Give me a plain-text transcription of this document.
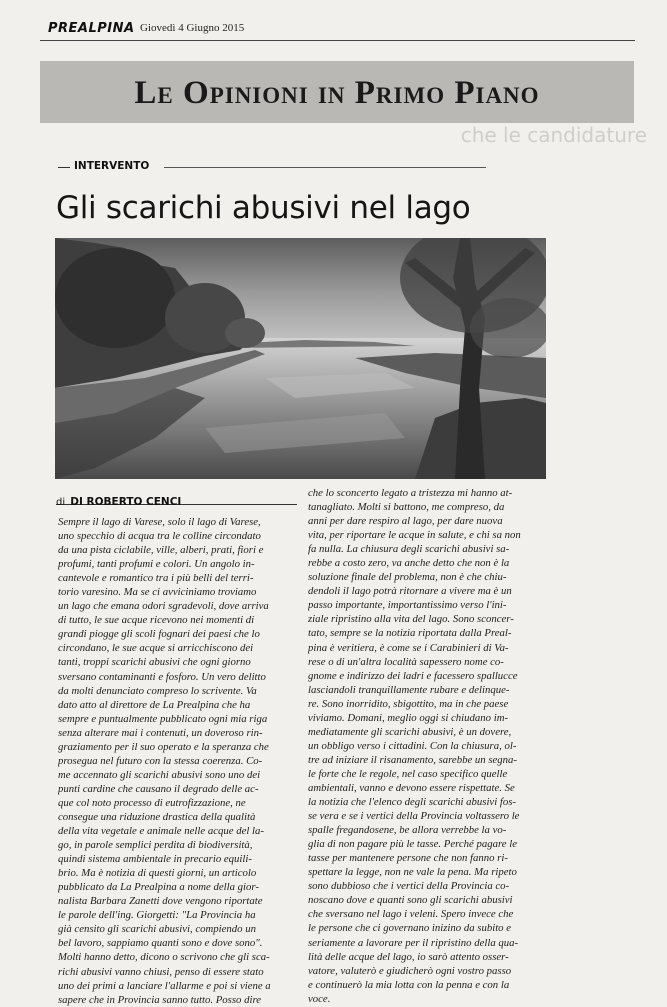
PREALPINA Giovedì 4 Giugno 2015
Le Opinioni in Primo Piano
che le candidature
INTERVENTO
Gli scarichi abusivi nel lago
di DI ROBERTO CENCI
Sempre il lago di Varese, solo il lago di Varese,
uno specchio di acqua tra le colline circondato
da una pista ciclabile, ville, alberi, prati, fiori e
profumi, tanti profumi e colori. Un angolo in-
cantevole e romantico tra i più belli del terri-
torio varesino. Ma se ci avviciniamo troviamo
un lago che emana odori sgradevoli, dove arriva
di tutto, le sue acque ricevono nei momenti di
grandi piogge gli scoli fognari dei paesi che lo
circondano, le sue acque si arricchiscono dei
tanti, troppi scarichi abusivi che ogni giorno
sversano contaminanti e fosforo. Un vero delitto
da molti denunciato compreso lo scrivente. Va
dato atto al direttore de La Prealpina che ha
sempre e puntualmente pubblicato ogni mia riga
senza alterare mai i contenuti, un doveroso rin-
graziamento per il suo operato e la speranza che
prosegua nel futuro con la stessa coerenza. Co-
me accennato gli scarichi abusivi sono uno dei
punti cardine che causano il degrado delle ac-
que col noto processo di eutrofizzazione, ne
consegue una riduzione drastica della qualità
della vita vegetale e animale nelle acque del la-
go, in parole semplici perdita di biodiversità,
quindi sistema ambientale in precario equili-
brio. Ma è notizia di questi giorni, un articolo
pubblicato da La Prealpina a nome della gior-
nalista Barbara Zanetti dove vengono riportate
le parole dell'ing. Giorgetti: "La Provincia ha
già censito gli scarichi abusivi, compiendo un
bel lavoro, sappiamo quanti sono e dove sono".
Molti hanno detto, dicono o scrivono che gli sca-
richi abusivi vanno chiusi, penso di essere stato
uno dei primi a lanciare l'allarme e poi si viene a
sapere che in Provincia sanno tutto. Posso dire
che lo sconcerto legato a tristezza mi hanno at-
tanagliato. Molti si battono, me compreso, da
anni per dare respiro al lago, per dare nuova
vita, per riportare le acque in salute, e chi sa non
fa nulla. La chiusura degli scarichi abusivi sa-
rebbe a costo zero, va anche detto che non è la
soluzione finale del problema, non è che chiu-
dendoli il lago potrà ritornare a vivere ma è un
passo importante, importantissimo verso l'ini-
ziale ripristino alla vita del lago. Sono sconcer-
tato, sempre se la notizia riportata dalla Preal-
pina è veritiera, è come se i Carabinieri di Va-
rese o di un'altra località sapessero nome co-
gnome e indirizzo dei ladri e facessero spallucce
lasciandoli tranquillamente rubare e delinque-
re. Sono inorridito, sbigottito, ma in che paese
viviamo. Domani, meglio oggi si chiudano im-
mediatamente gli scarichi abusivi, è un dovere,
un obbligo verso i cittadini. Con la chiusura, ol-
tre ad iniziare il risanamento, sarebbe un segna-
le forte che le regole, nel caso specifico quelle
ambientali, vanno e devono essere rispettate. Se
la notizia che l'elenco degli scarichi abusivi fos-
se vera e se i vertici della Provincia voltassero le
spalle fregandosene, be allora verrebbe la vo-
glia di non pagare più le tasse. Perché pagare le
tasse per mantenere persone che non fanno ri-
spettare la legge, non ne vale la pena. Ma ripeto
sono dubbioso che i vertici della Provincia co-
noscano dove e quanti sono gli scarichi abusivi
che sversano nel lago i veleni. Spero invece che
le persone che ci governano inizino da subito e
seriamente a lavorare per il ripristino della qua-
lità delle acque del lago, io sarò attento osser-
vatore, valuterò e giudicherò ogni vostro passo
e continuerò la mia lotta con la penna e con la
voce.
